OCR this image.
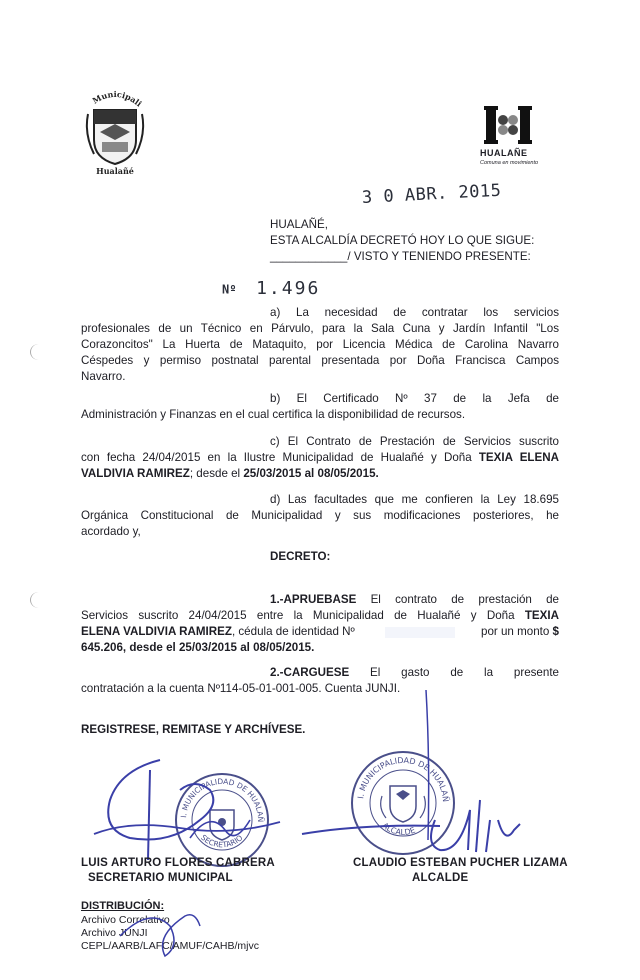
Municipali
Hualañé
HUALAÑE
Comuna en movimiento
3 0 ABR. 2015
HUALAÑÉ,
ESTA ALCALDÍA DECRETÓ HOY LO QUE SIGUE:
____________/ VISTO Y TENIENDO PRESENTE:
Nº 1.496
a) La necesidad de contratar los servicios
profesionales de un Técnico en Párvulo, para la Sala Cuna y Jardín Infantil "Los
Corazoncitos" La Huerta de Mataquito, por Licencia Médica de Carolina Navarro
Céspedes y permiso postnatal parental presentada por Doña Francisca Campos
Navarro.
b) El Certificado Nº 37 de la Jefa de
Administración y Finanzas en el cual certifica la disponibilidad de recursos.
c) El Contrato de Prestación de Servicios suscrito
con fecha 24/04/2015 en la Ilustre Municipalidad de Hualañé y Doña TEXIA ELENA
VALDIVIA RAMIREZ; desde el 25/03/2015 al 08/05/2015.
d) Las facultades que me confieren la Ley 18.695
Orgánica Constitucional de Municipalidad y sus modificaciones posteriores, he
acordado y,
DECRETO:
1.-APRUEBASE El contrato de prestación de
Servicios suscrito 24/04/2015 entre la Municipalidad de Hualañé y Doña TEXIA
ELENA VALDIVIA RAMIREZ, cédula de identidad Nº	por un monto $
645.206, desde el 25/03/2015 al 08/05/2015.
2.-CARGUESE El gasto de la presente
contratación a la cuenta Nº114-05-01-001-005. Cuenta JUNJI.
REGISTRESE, REMITASE Y ARCHÍVESE.
I. MUNICIPALIDAD DE HUALAÑ
SECRETARIO
I. MUNICIPALIDAD DE HUALAÑ
ALCALDE
LUIS ARTURO FLORES CABRERA
SECRETARIO MUNICIPAL
CLAUDIO ESTEBAN PUCHER LIZAMA
ALCALDE
DISTRIBUCIÓN:
Archivo Correlativo
Archivo JUNJI
CEPL/AARB/LAFC/AMUF/CAHB/mjvc
